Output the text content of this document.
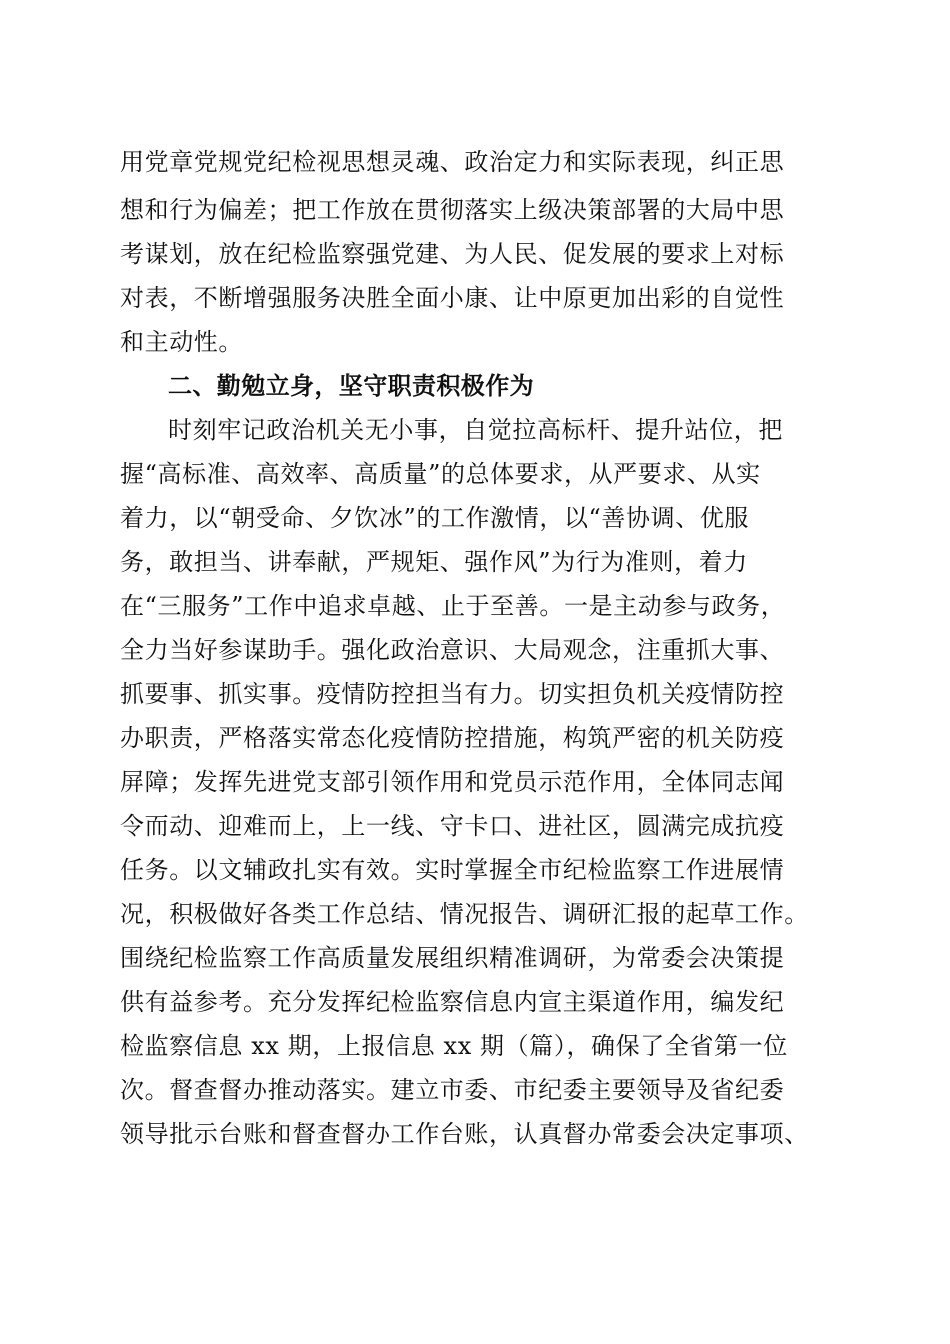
用党章党规党纪检视思想灵魂、政治定力和实际表现，纠正思
想和行为偏差；把工作放在贯彻落实上级决策部署的大局中思
考谋划，放在纪检监察强党建、为人民、促发展的要求上对标
对表，不断增强服务决胜全面小康、让中原更加出彩的自觉性
和主动性。
二、勤勉立身，坚守职责积极作为
时刻牢记政治机关无小事，自觉拉高标杆、提升站位，把
握“高标准、高效率、高质量”的总体要求，从严要求、从实
着力，以“朝受命、夕饮冰”的工作激情，以“善协调、优服
务，敢担当、讲奉献，严规矩、强作风”为行为准则，着力
在“三服务”工作中追求卓越、止于至善。一是主动参与政务，
全力当好参谋助手。强化政治意识、大局观念，注重抓大事、
抓要事、抓实事。疫情防控担当有力。切实担负机关疫情防控
办职责，严格落实常态化疫情防控措施，构筑严密的机关防疫
屏障；发挥先进党支部引领作用和党员示范作用，全体同志闻
令而动、迎难而上，上一线、守卡口、进社区，圆满完成抗疫
任务。以文辅政扎实有效。实时掌握全市纪检监察工作进展情
况，积极做好各类工作总结、情况报告、调研汇报的起草工作。
围绕纪检监察工作高质量发展组织精准调研，为常委会决策提
供有益参考。充分发挥纪检监察信息内宣主渠道作用，编发纪
检监察信息 xx 期，上报信息 xx 期（篇），确保了全省第一位
次。督查督办推动落实。建立市委、市纪委主要领导及省纪委
领导批示台账和督查督办工作台账，认真督办常委会决定事项、
